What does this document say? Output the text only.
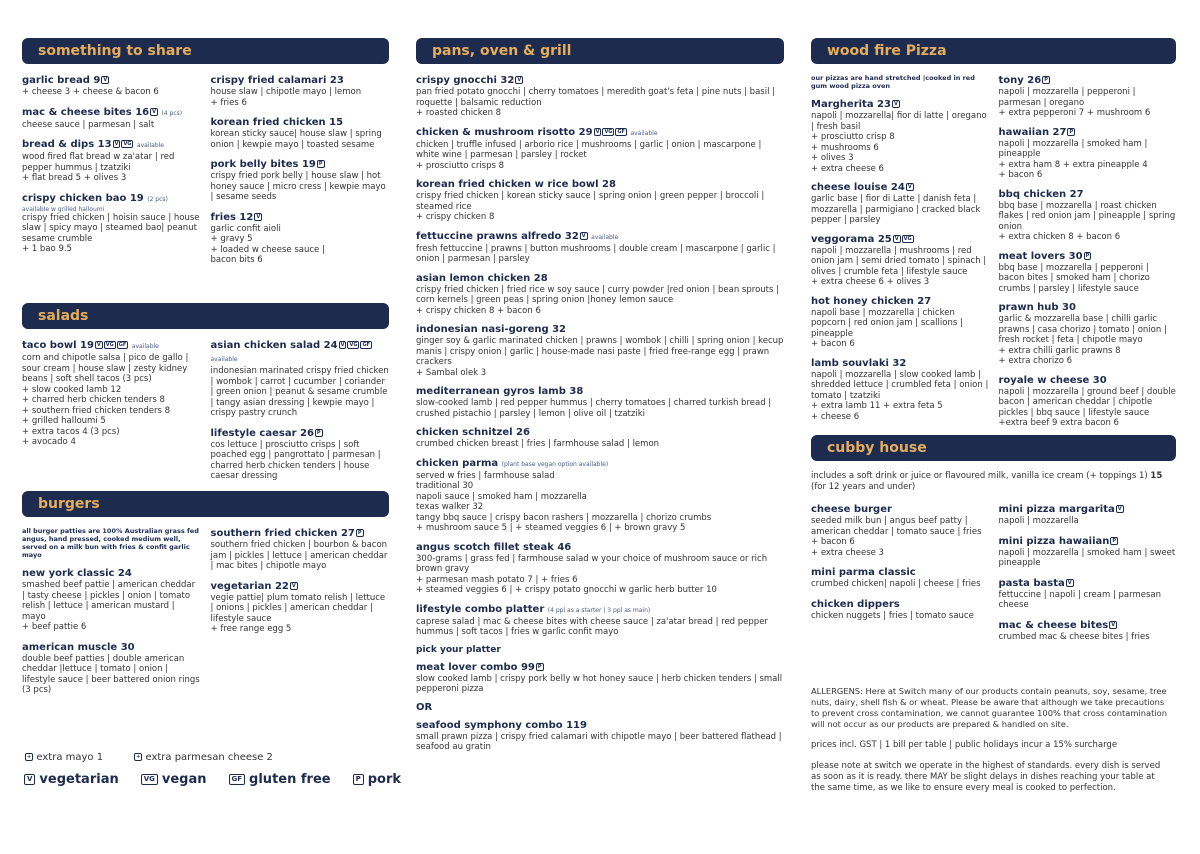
something to share
garlic bread 9 V
+ cheese 3 + cheese & bacon 6
mac & cheese bites 16 V (4 pcs)
cheese sauce | parmesan | salt
bread & dips 13 V VG available
wood fired flat bread w za'atar | red pepper hummus | tzatziki
+ flat bread 5 + olives 3
crispy chicken bao 19 (2 pcs)
available w grilled halloumi
crispy fried chicken | hoisin sauce | house slaw | spicy mayo | steamed bao| peanut sesame crumble
+ 1 bao 9.5
crispy fried calamari 23
house slaw | chipotle mayo | lemon
+ fries 6
korean fried chicken 15
korean sticky sauce| house slaw | spring onion | kewpie mayo | toasted sesame
pork belly bites 19 P
crispy fried pork belly | house slaw | hot honey sauce | micro cress | kewpie mayo | sesame seeds
fries 12 V
garlic confit aioli
+ gravy 5
+ loaded w cheese sauce |
bacon bits 6
salads
taco bowl 19 V VG GF available
corn and chipotle salsa | pico de gallo | sour cream | house slaw | zesty kidney beans | soft shell tacos (3 pcs)
+ slow cooked lamb 12
+ charred herb chicken tenders 8
+ southern fried chicken tenders 8
+ grilled halloumi 5
+ extra tacos 4 (3 pcs)
+ avocado 4
asian chicken salad 24 V VG GF available
indonesian marinated crispy fried chicken | wombok | carrot | cucumber | coriander | green onion | peanut & sesame crumble | tangy asian dressing | kewpie mayo | crispy pastry crunch
lifestyle caesar 26 P
cos lettuce | prosciutto crisps | soft poached egg | pangrottato | parmesan | charred herb chicken tenders | house caesar dressing
burgers
all burger patties are 100% Australian grass fed angus, hand pressed, cooked medium well, served on a milk bun with fries & confit garlic mayo
new york classic 24
smashed beef pattie | american cheddar | tasty cheese | pickles | onion | tomato relish | lettuce | american mustard | mayo
+ beef pattie 6
american muscle 30
double beef patties | double american cheddar |lettuce | tomato | onion | lifestyle sauce | beer battered onion rings (3 pcs)
southern fried chicken 27 P
southern fried chicken | bourbon & bacon jam | pickles | lettuce | american cheddar | mac bites | chipotle mayo
vegetarian 22 V
vegie pattie| plum tomato relish | lettuce | onions | pickles | american cheddar | lifestyle sauce
+ free range egg 5
+ extra mayo 1	+ extra parmesan cheese 2
V vegetarian	VG vegan	GF gluten free	P pork
pans, oven & grill
crispy gnocchi 32 V
pan fried potato gnocchi | cherry tomatoes | meredith goat's feta | pine nuts | basil | roquette | balsamic reduction
+ roasted chicken 8
chicken & mushroom risotto 29 V VG GF available
chicken | truffle infused | arborio rice | mushrooms | garlic | onion | mascarpone | white wine | parmesan | parsley | rocket
+ prosciutto crisps 8
korean fried chicken w rice bowl 28
crispy fried chicken | korean sticky sauce | spring onion | green pepper | broccoli | steamed rice
+ crispy chicken 8
fettuccine prawns alfredo 32 V available
fresh fettuccine | prawns | button mushrooms | double cream | mascarpone | garlic | onion | parmesan | parsley
asian lemon chicken 28
crispy fried chicken | fried rice w soy sauce | curry powder |red onion | bean sprouts | corn kernels | green peas | spring onion |honey lemon sauce
+ crispy chicken 8 + bacon 6
indonesian nasi-goreng 32
ginger soy & garlic marinated chicken | prawns | wombok | chilli | spring onion | kecup manis | crispy onion | garlic | house-made nasi paste | fried free-range egg | prawn crackers
+ Sambal olek 3
mediterranean gyros lamb 38
slow-cooked lamb | red pepper hummus | cherry tomatoes | charred turkish bread | crushed pistachio | parsley | lemon | olive oil | tzatziki
chicken schnitzel 26
crumbed chicken breast | fries | farmhouse salad | lemon
chicken parma (plant base vegan option available)
served w fries | farmhouse salad
traditional 30
napoli sauce | smoked ham | mozzarella
texas walker 32
tangy bbq sauce | crispy bacon rashers | mozzarella | chorizo crumbs
+ mushroom sauce 5 | + steamed veggies 6 | + brown gravy 5
angus scotch fillet steak 46
300-grams | grass fed | farmhouse salad w your choice of mushroom sauce or rich brown gravy
+ parmesan mash potato 7 | + fries 6
+ steamed veggies 6 | + crispy potato gnocchi w garlic herb butter 10
lifestyle combo platter (4 ppl as a starter | 3 ppl as main)
caprese salad | mac & cheese bites with cheese sauce | za'atar bread | red pepper hummus | soft tacos | fries w garlic confit mayo
pick your platter
meat lover combo 99 P
slow cooked lamb | crispy pork belly w hot honey sauce | herb chicken tenders | small pepperoni pizza
OR
seafood symphony combo 119
small prawn pizza | crispy fried calamari with chipotle mayo | beer battered flathead | seafood au gratin
wood fire Pizza
our pizzas are hand stretched |cooked in red gum wood pizza oven
Margherita 23 V
napoli | mozzarella| fior di latte | oregano | fresh basil
+ prosciutto crisp 8
+ mushrooms 6
+ olives 3
+ extra cheese 6
cheese louise 24 V
garlic base | fior di Latte | danish feta | mozzarella | parmigiano | cracked black pepper | parsley
veggorama 25 V VG
napoli | mozzarella | mushrooms | red onion jam | semi dried tomato | spinach | olives | crumble feta | lifestyle sauce
+ extra cheese 6 + olives 3
hot honey chicken 27
napoli base | mozzarella | chicken popcorn | red onion jam | scallions | pineapple
+ bacon 6
lamb souvlaki 32
napoli | mozzarella | slow cooked lamb | shredded lettuce | crumbled feta | onion | tomato | tzatziki
+ extra lamb 11 + extra feta 5
+ cheese 6
tony 26 P
napoli | mozzarella | pepperoni | parmesan | oregano
+ extra pepperoni 7 + mushroom 6
hawaiian 27 P
napoli | mozzarella | smoked ham | pineapple
+ extra ham 8 + extra pineapple 4
+ bacon 6
bbq chicken 27
bbq base | mozzarella | roast chicken flakes | red onion jam | pineapple | spring onion
+ extra chicken 8 + bacon 6
meat lovers 30 P
bbq base | mozzarella | pepperoni | bacon bites | smoked ham | chorizo crumbs | parsley | lifestyle sauce
prawn hub 30
garlic & mozzarella base | chilli garlic prawns | casa chorizo | tomato | onion | fresh rocket | feta | chipotle mayo
+ extra chilli garlic prawns 8
+ extra chorizo 6
royale w cheese 30
napoli | mozzarella | ground beef | double bacon | american cheddar | chipotle pickles | bbq sauce | lifestyle sauce
+extra beef 9 extra bacon 6

cubby house
includes a soft drink or juice or flavoured milk, vanilla ice cream (+ toppings 1) 15
(for 12 years and under)
cheese burger
seeded milk bun | angus beef patty | american cheddar | tomato sauce | fries
+ bacon 6
+ extra cheese 3
mini parma classic
crumbed chicken| napoli | cheese | fries
chicken dippers
chicken nuggets | fries | tomato sauce
mini pizza margarita V
napoli | mozzarella
mini pizza hawaiian P
napoli | mozzarella | smoked ham | sweet pineapple
pasta basta V
fettuccine | napoli | cream | parmesan cheese
mac & cheese bites V
crumbed mac & cheese bites | fries
ALLERGENS: Here at Switch many of our products contain peanuts, soy, sesame, tree nuts, dairy, shell fish & or wheat. Please be aware that although we take precautions to prevent cross contamination, we cannot guarantee 100% that cross contamination will not occur as our products are prepared & handled on site.
prices incl. GST | 1 bill per table | public holidays incur a 15% surcharge
please note at switch we operate in the highest of standards. every dish is served as soon as it is ready. there MAY be slight delays in dishes reaching your table at the same time, as we like to ensure every meal is cooked to perfection.
